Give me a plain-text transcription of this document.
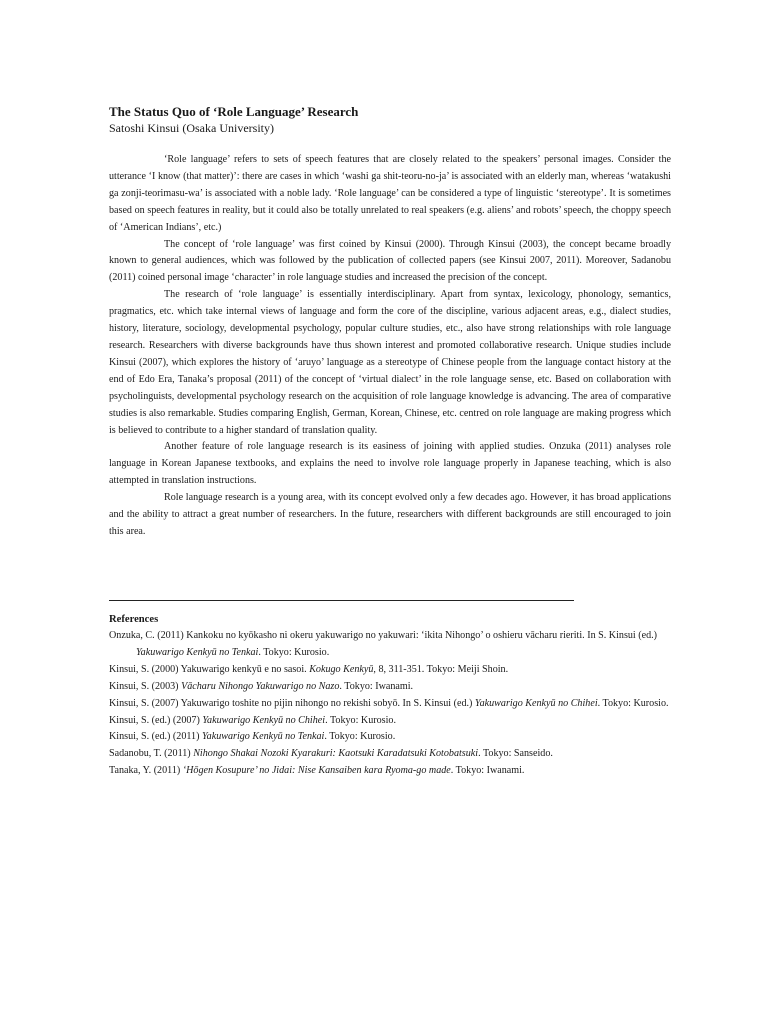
The Status Quo of ‘Role Language’ Research

Satoshi Kinsui (Osaka University)

‘Role language’ refers to sets of speech features that are closely related to the speakers’ personal images. Consider the utterance ‘I know (that matter)’: there are cases in which ‘washi ga shit-teoru-no-ja’ is associated with an elderly man, whereas ‘watakushi ga zonji-teorimasu-wa’ is associated with a noble lady. ‘Role language’ can be considered a type of linguistic ‘stereotype’. It is sometimes based on speech features in reality, but it could also be totally unrelated to real speakers (e.g. aliens’ and robots’ speech, the choppy speech of ‘American Indians’, etc.)

The concept of ‘role language’ was first coined by Kinsui (2000). Through Kinsui (2003), the concept became broadly known to general audiences, which was followed by the publication of collected papers (see Kinsui 2007, 2011). Moreover, Sadanobu (2011) coined personal image ‘character’ in role language studies and increased the precision of the concept.

The research of ‘role language’ is essentially interdisciplinary. Apart from syntax, lexicology, phonology, semantics, pragmatics, etc. which take internal views of language and form the core of the discipline, various adjacent areas, e.g., dialect studies, history, literature, sociology, developmental psychology, popular culture studies, etc., also have strong relationships with role language research. Researchers with diverse backgrounds have thus shown interest and promoted collaborative research. Unique studies include Kinsui (2007), which explores the history of ‘aruyo’ language as a stereotype of Chinese people from the language contact history at the end of Edo Era, Tanaka’s proposal (2011) of the concept of ‘virtual dialect’ in the role language sense, etc. Based on collaboration with psycholinguists, developmental psychology research on the acquisition of role language knowledge is advancing. The area of comparative studies is also remarkable. Studies comparing English, German, Korean, Chinese, etc. centred on role language are making progress which is believed to contribute to a higher standard of translation quality.

Another feature of role language research is its easiness of joining with applied studies. Onzuka (2011) analyses role language in Korean Japanese textbooks, and explains the need to involve role language properly in Japanese teaching, which is also attempted in translation instructions.

Role language research is a young area, with its concept evolved only a few decades ago. However, it has broad applications and the ability to attract a great number of researchers. In the future, researchers with different backgrounds are still encouraged to join this area.

References

Onzuka, C. (2011) Kankoku no kyōkasho ni okeru yakuwarigo no yakuwari: ‘ikita Nihongo’ o oshieru vācharu rieriti. In S. Kinsui (ed.) Yakuwarigo Kenkyū no Tenkai. Tokyo: Kurosio.

Kinsui, S. (2000) Yakuwarigo kenkyū e no sasoi. Kokugo Kenkyū, 8, 311-351. Tokyo: Meiji Shoin.

Kinsui, S. (2003) Vācharu Nihongo Yakuwarigo no Nazo. Tokyo: Iwanami.

Kinsui, S. (2007) Yakuwarigo toshite no pijin nihongo no rekishi sobyō. In S. Kinsui (ed.) Yakuwarigo Kenkyū no Chihei. Tokyo: Kurosio.

Kinsui, S. (ed.) (2007) Yakuwarigo Kenkyū no Chihei. Tokyo: Kurosio.

Kinsui, S. (ed.) (2011) Yakuwarigo Kenkyū no Tenkai. Tokyo: Kurosio.

Sadanobu, T. (2011) Nihongo Shakai Nozoki Kyarakuri: Kaotsuki Karadatsuki Kotobatsuki. Tokyo: Sanseido.

Tanaka, Y. (2011) ‘Hōgen Kosupure’ no Jidai: Nise Kansaiben kara Ryoma-go made. Tokyo: Iwanami.
